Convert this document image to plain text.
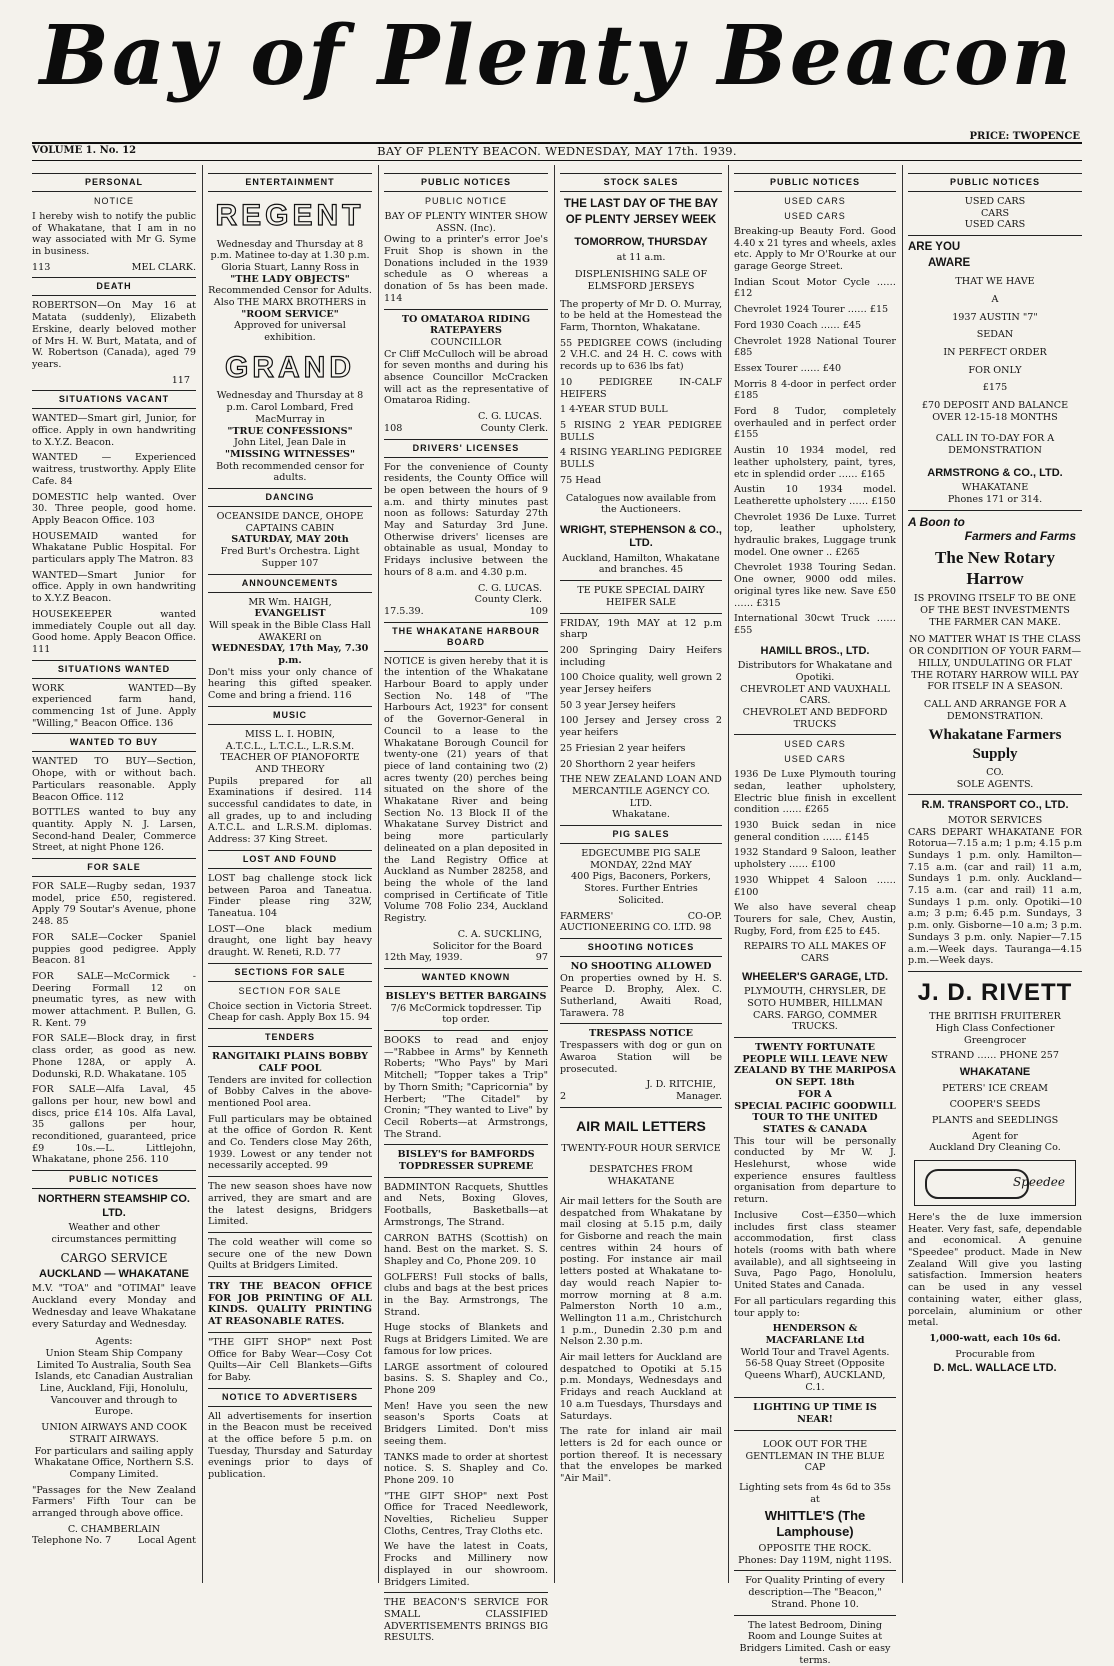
Bay of Plenty Beacon
PRICE: TWOPENCE
VOLUME 1. No. 12	BAY OF PLENTY BEACON. WEDNESDAY, MAY 17th. 1939.
PERSONAL
NOTICE
I hereby wish to notify the public of Whakatane, that I am in no way associated with Mr G. Syme in business.
113	MEL CLARK.
DEATH
ROBERTSON—On May 16 at Matata (suddenly), Elizabeth Erskine, dearly beloved mother of Mrs H. W. Burt, Matata, and of W. Robertson (Canada), aged 79 years.
117
SITUATIONS VACANT
WANTED—Smart girl, Junior, for office. Apply in own handwriting to X.Y.Z. Beacon.
WANTED — Experienced waitress, trustworthy. Apply Elite Cafe. 84
DOMESTIC help wanted. Over 30. Three people, good home. Apply Beacon Office. 103
HOUSEMAID wanted for Whakatane Public Hospital. For particulars apply The Matron. 83
WANTED—Smart Junior for office. Apply in own handwriting to X.Y.Z Beacon.
HOUSEKEEPER wanted immediately Couple out all day. Good home. Apply Beacon Office. 111
SITUATIONS WANTED
WORK WANTED—By experienced farm hand, commencing 1st of June. Apply "Willing," Beacon Office. 136
WANTED TO BUY
WANTED TO BUY—Section, Ohope, with or without bach. Particulars reasonable. Apply Beacon Office. 112
BOTTLES wanted to buy any quantity. Apply N. J. Larsen, Second-hand Dealer, Commerce Street, at night Phone 126.
FOR SALE
FOR SALE—Rugby sedan, 1937 model, price £50, registered. Apply 79 Soutar's Avenue, phone 248. 85
FOR SALE—Cocker Spaniel puppies good pedigree. Apply Beacon. 81
FOR SALE—McCormick - Deering Formall 12 on pneumatic tyres, as new with mower attachment. P. Bullen, G. R. Kent. 79
FOR SALE—Block dray, in first class order, as good as new. Phone 128A, or apply A. Dodunski, R.D. Whakatane. 105
FOR SALE—Alfa Laval, 45 gallons per hour, new bowl and discs, price £14 10s. Alfa Laval, 35 gallons per hour, reconditioned, guaranteed, price £9 10s.—L. Littlejohn, Whakatane, phone 256. 110
PUBLIC NOTICES
NORTHERN STEAMSHIP CO. LTD.
Weather and other circumstances permitting
CARGO SERVICE
AUCKLAND — WHAKATANE
M.V. "TOA" and "OTIMAI" leave Auckland every Monday and Wednesday and leave Whakatane every Saturday and Wednesday.
Agents:
Union Steam Ship Company Limited To Australia, South Sea Islands, etc Canadian Australian Line, Auckland, Fiji, Honolulu, Vancouver and through to Europe.
UNION AIRWAYS AND COOK STRAIT AIRWAYS.
For particulars and sailing apply Whakatane Office, Northern S.S. Company Limited.
"Passages for the New Zealand Farmers' Fifth Tour can be arranged through above office.
C. CHAMBERLAIN
Telephone No. 7	Local Agent
ENTERTAINMENT
REGENT
Wednesday and Thursday at 8 p.m. Matinee to-day at 1.30 p.m.
Gloria Stuart, Lanny Ross in
"THE LADY OBJECTS"
Recommended Censor for Adults. Also THE MARX BROTHERS in
"ROOM SERVICE"
Approved for universal exhibition.
GRAND
Wednesday and Thursday at 8 p.m. Carol Lombard, Fred MacMurray in
"TRUE CONFESSIONS"
John Litel, Jean Dale in
"MISSING WITNESSES"
Both recommended censor for adults.
DANCING
OCEANSIDE DANCE, OHOPE
CAPTAINS CABIN
SATURDAY, MAY 20th
Fred Burt's Orchestra. Light Supper 107
ANNOUNCEMENTS
MR Wm. HAIGH,
EVANGELIST
Will speak in the Bible Class Hall AWAKERI on
WEDNESDAY, 17th May, 7.30 p.m.
Don't miss your only chance of hearing this gifted speaker. Come and bring a friend. 116
MUSIC
MISS L. I. HOBIN,
A.T.C.L., L.T.C.L., L.R.S.M.
TEACHER OF PIANOFORTE AND THEORY
Pupils prepared for all Examinations if desired. 114 successful candidates to date, in all grades, up to and including A.T.C.L. and L.R.S.M. diplomas. Address: 37 King Street.
LOST AND FOUND
LOST bag challenge stock lick between Paroa and Taneatua. Finder please ring 32W, Taneatua. 104
LOST—One black medium draught, one light bay heavy draught. W. Reneti, R.D. 77
SECTIONS FOR SALE
SECTION FOR SALE
Choice section in Victoria Street. Cheap for cash. Apply Box 15. 94
TENDERS
RANGITAIKI PLAINS BOBBY CALF POOL
Tenders are invited for collection of Bobby Calves in the above-mentioned Pool area.
Full particulars may be obtained at the office of Gordon R. Kent and Co. Tenders close May 26th, 1939. Lowest or any tender not necessarily accepted. 99
The new season shoes have now arrived, they are smart and are the latest designs, Bridgers Limited.
The cold weather will come so secure one of the new Down Quilts at Bridgers Limited.
TRY THE BEACON OFFICE FOR JOB PRINTING OF ALL KINDS. QUALITY PRINTING AT REASONABLE RATES.
"THE GIFT SHOP" next Post Office for Baby Wear—Cosy Cot Quilts—Air Cell Blankets—Gifts for Baby.
NOTICE TO ADVERTISERS
All advertisements for insertion in the Beacon must be received at the office before 5 p.m. on Tuesday, Thursday and Saturday evenings prior to days of publication.
PUBLIC NOTICES
PUBLIC NOTICE
BAY OF PLENTY WINTER SHOW ASSN. (Inc).
Owing to a printer's error Joe's Fruit Shop is shown in the Donations included in the 1939 schedule as O whereas a donation of 5s has been made. 114
TO OMATAROA RIDING RATEPAYERS
COUNCILLOR
Cr Cliff McCulloch will be abroad for seven months and during his absence Councillor McCracken will act as the representative of Omataroa Riding.
C. G. LUCAS.
108	County Clerk.
DRIVERS' LICENSES
For the convenience of County residents, the County Office will be open between the hours of 9 a.m. and thirty minutes past noon as follows: Saturday 27th May and Saturday 3rd June. Otherwise drivers' licenses are obtainable as usual, Monday to Fridays inclusive between the hours of 8 a.m. and 4.30 p.m.
C. G. LUCAS.
County Clerk.
17.5.39.	109
THE WHAKATANE HARBOUR BOARD
NOTICE is given hereby that it is the intention of the Whakatane Harbour Board to apply under Section No. 148 of "The Harbours Act, 1923" for consent of the Governor-General in Council to a lease to the Whakatane Borough Council for twenty-one (21) years of that piece of land containing two (2) acres twenty (20) perches being situated on the shore of the Whakatane River and being Section No. 13 Block II of the Whakatane Survey District and being more particularly delineated on a plan deposited in the Land Registry Office at Auckland as Number 28258, and being the whole of the land comprised in Certificate of Title Volume 708 Folio 234, Auckland Registry.
C. A. SUCKLING,
Solicitor for the Board
12th May, 1939.	97
WANTED KNOWN
BISLEY'S BETTER BARGAINS
7/6 McCormick topdresser. Tip top order.
BOOKS to read and enjoy—"Rabbee in Arms" by Kenneth Roberts; "Who Pays" by Mari Mitchell; "Topper takes a Trip" by Thorn Smith; "Capricornia" by Herbert; "The Citadel" by Cronin; "They wanted to Live" by Cecil Roberts—at Armstrongs, The Strand.
BISLEY'S for BAMFORDS TOPDRESSER SUPREME
BADMINTON Racquets, Shuttles and Nets, Boxing Gloves, Footballs, Basketballs—at Armstrongs, The Strand.
CARRON BATHS (Scottish) on hand. Best on the market. S. S. Shapley and Co, Phone 209. 10
GOLFERS! Full stocks of balls, clubs and bags at the best prices in the Bay. Armstrongs, The Strand.
Huge stocks of Blankets and Rugs at Bridgers Limited. We are famous for low prices.
LARGE assortment of coloured basins. S. S. Shapley and Co., Phone 209
Men! Have you seen the new season's Sports Coats at Bridgers Limited. Don't miss seeing them.
TANKS made to order at shortest notice. S. S. Shapley and Co. Phone 209. 10
"THE GIFT SHOP" next Post Office for Traced Needlework, Novelties, Richelieu Supper Cloths, Centres, Tray Cloths etc.
We have the latest in Coats, Frocks and Millinery now displayed in our showroom. Bridgers Limited.
THE BEACON'S SERVICE FOR SMALL CLASSIFIED ADVERTISEMENTS BRINGS BIG RESULTS.
STOCK SALES
THE LAST DAY OF THE BAY OF PLENTY JERSEY WEEK
TOMORROW, THURSDAY
at 11 a.m.
DISPLENISHING SALE OF ELMSFORD JERSEYS
The property of Mr D. O. Murray, to be held at the Homestead the Farm, Thornton, Whakatane.
55 PEDIGREE COWS (including 2 V.H.C. and 24 H. C. cows with records up to 636 lbs fat)
10 PEDIGREE IN-CALF HEIFERS
1 4-YEAR STUD BULL
5 RISING 2 YEAR PEDIGREE BULLS
4 RISING YEARLING PEDIGREE BULLS
75 Head
Catalogues now available from the Auctioneers.
WRIGHT, STEPHENSON & CO., LTD.
Auckland, Hamilton, Whakatane and branches. 45
TE PUKE SPECIAL DAIRY HEIFER SALE
FRIDAY, 19th MAY at 12 p.m sharp
200 Springing Dairy Heifers including
100 Choice quality, well grown 2 year Jersey heifers
50 3 year Jersey heifers
100 Jersey and Jersey cross 2 year heifers
25 Friesian 2 year heifers
20 Shorthorn 2 year heifers
THE NEW ZEALAND LOAN AND MERCANTILE AGENCY CO. LTD.
Whakatane.
PIG SALES
EDGECUMBE PIG SALE
MONDAY, 22nd MAY
400 Pigs, Baconers, Porkers, Stores. Further Entries Solicited.
FARMERS' CO-OP. AUCTIONEERING CO. LTD. 98
SHOOTING NOTICES
NO SHOOTING ALLOWED
On properties owned by H. S. Pearce D. Brophy, Alex. C. Sutherland, Awaiti Road, Tarawera. 78
TRESPASS NOTICE
Trespassers with dog or gun on Awaroa Station will be prosecuted.
J. D. RITCHIE,
2	Manager.
AIR MAIL LETTERS
TWENTY-FOUR HOUR SERVICE
DESPATCHES FROM WHAKATANE
Air mail letters for the South are despatched from Whakatane by mail closing at 5.15 p.m, daily for Gisborne and reach the main centres within 24 hours of posting. For instance air mail letters posted at Whakatane to-day would reach Napier to-morrow morning at 8 a.m. Palmerston North 10 a.m., Wellington 11 a.m., Christchurch 1 p.m., Dunedin 2.30 p.m and Nelson 2.30 p.m.
Air mail letters for Auckland are despatched to Opotiki at 5.15 p.m. Mondays, Wednesdays and Fridays and reach Auckland at 10 a.m Tuesdays, Thursdays and Saturdays.
The rate for inland air mail letters is 2d for each ounce or portion thereof. It is necessary that the envelopes be marked "Air Mail".
PUBLIC NOTICES
USED CARS
USED CARS
Breaking-up Beauty Ford. Good 4.40 x 21 tyres and wheels, axles etc. Apply to Mr O'Rourke at our garage George Street.
Indian Scout Motor Cycle …… £12
Chevrolet 1924 Tourer …… £15
Ford 1930 Coach …… £45
Chevrolet 1928 National Tourer £85
Essex Tourer …… £40
Morris 8 4-door in perfect order £185
Ford 8 Tudor, completely overhauled and in perfect order £155
Austin 10 1934 model, red leather upholstery, paint, tyres, etc in splendid order …… £165
Austin 10 1934 model. Leatherette upholstery …… £150
Chevrolet 1936 De Luxe. Turret top, leather upholstery, hydraulic brakes, Luggage trunk model. One owner .. £265
Chevrolet 1938 Touring Sedan. One owner, 9000 odd miles. original tyres like new. Save £50 …… £315
International 30cwt Truck …… £55
HAMILL BROS., LTD.
Distributors for Whakatane and Opotiki.
CHEVROLET AND VAUXHALL CARS.
CHEVROLET AND BEDFORD TRUCKS
USED CARS
USED CARS
1936 De Luxe Plymouth touring sedan, leather upholstery, Electric blue finish in excellent condition …… £265
1930 Buick sedan in nice general condition …… £145
1932 Standard 9 Saloon, leather upholstery …… £100
1930 Whippet 4 Saloon …… £100
We also have several cheap Tourers for sale, Chev, Austin, Rugby, Ford, from £25 to £45.
REPAIRS TO ALL MAKES OF CARS
WHEELER'S GARAGE, LTD.
PLYMOUTH, CHRYSLER, DE SOTO HUMBER, HILLMAN CARS. FARGO, COMMER TRUCKS.
TWENTY FORTUNATE PEOPLE WILL LEAVE NEW ZEALAND BY THE MARIPOSA ON SEPT. 18th
FOR A
SPECIAL PACIFIC GOODWILL TOUR TO THE UNITED STATES & CANADA
This tour will be personally conducted by Mr W. J. Heslehurst, whose wide experience ensures faultless organisation from departure to return.
Inclusive Cost—£350—which includes first class steamer accommodation, first class hotels (rooms with bath where available), and all sightseeing in Suva, Pago Pago, Honolulu, United States and Canada.
For all particulars regarding this tour apply to:
HENDERSON & MACFARLANE Ltd
World Tour and Travel Agents.
56-58 Quay Street (Opposite Queens Wharf), AUCKLAND, C.1.
LIGHTING UP TIME IS NEAR!
LOOK OUT FOR THE GENTLEMAN IN THE BLUE CAP
Lighting sets from 4s 6d to 35s
at
WHITTLE'S (The Lamphouse)
OPPOSITE THE ROCK.
Phones: Day 119M, night 119S.
For Quality Printing of every description—The "Beacon," Strand. Phone 10.
The latest Bedroom, Dining Room and Lounge Suites at Bridgers Limited. Cash or easy terms.
PUBLIC NOTICES
USED CARS
CARS
USED CARS
ARE YOU
AWARE
THAT WE HAVE
A
1937 AUSTIN "7"
SEDAN
IN PERFECT ORDER
FOR ONLY
£175
£70 DEPOSIT AND BALANCE OVER 12-15-18 MONTHS
CALL IN TO-DAY FOR A DEMONSTRATION
ARMSTRONG & CO., LTD.
WHAKATANE
Phones 171 or 314.
A Boon to
Farmers and Farms
The New Rotary Harrow
IS PROVING ITSELF TO BE ONE OF THE BEST INVESTMENTS THE FARMER CAN MAKE.
NO MATTER WHAT IS THE CLASS OR CONDITION OF YOUR FARM—HILLY, UNDULATING OR FLAT THE ROTARY HARROW WILL PAY FOR ITSELF IN A SEASON.
CALL AND ARRANGE FOR A DEMONSTRATION.
Whakatane Farmers Supply
CO.
SOLE AGENTS.
R.M. TRANSPORT CO., LTD.
MOTOR SERVICES
CARS DEPART WHAKATANE FOR Rotorua—7.15 a.m; 1 p.m; 4.15 p.m Sundays 1 p.m. only. Hamilton—7.15 a.m. (car and rail) 11 a.m, Sundays 1 p.m. only. Auckland—7.15 a.m. (car and rail) 11 a.m, Sundays 1 p.m. only. Opotiki—10 a.m; 3 p.m; 6.45 p.m. Sundays, 3 p.m. only. Gisborne—10 a.m; 3 p.m. Sundays 3 p.m. only. Napier—7.15 a.m.—Week days. Tauranga—4.15 p.m.—Week days.
J. D. RIVETT
THE BRITISH FRUITERER
High Class Confectioner
Greengrocer
STRAND …… PHONE 257
WHAKATANE
PETERS' ICE CREAM
COOPER'S SEEDS
PLANTS and SEEDLINGS
Agent for
Auckland Dry Cleaning Co.
Speedee
Here's the de luxe immersion Heater. Very fast, safe, dependable and economical. A genuine "Speedee" product. Made in New Zealand Will give you lasting satisfaction. Immersion heaters can be used in any vessel containing water, either glass, porcelain, aluminium or other metal.
1,000-watt, each 10s 6d.
Procurable from
D. McL. WALLACE LTD.
